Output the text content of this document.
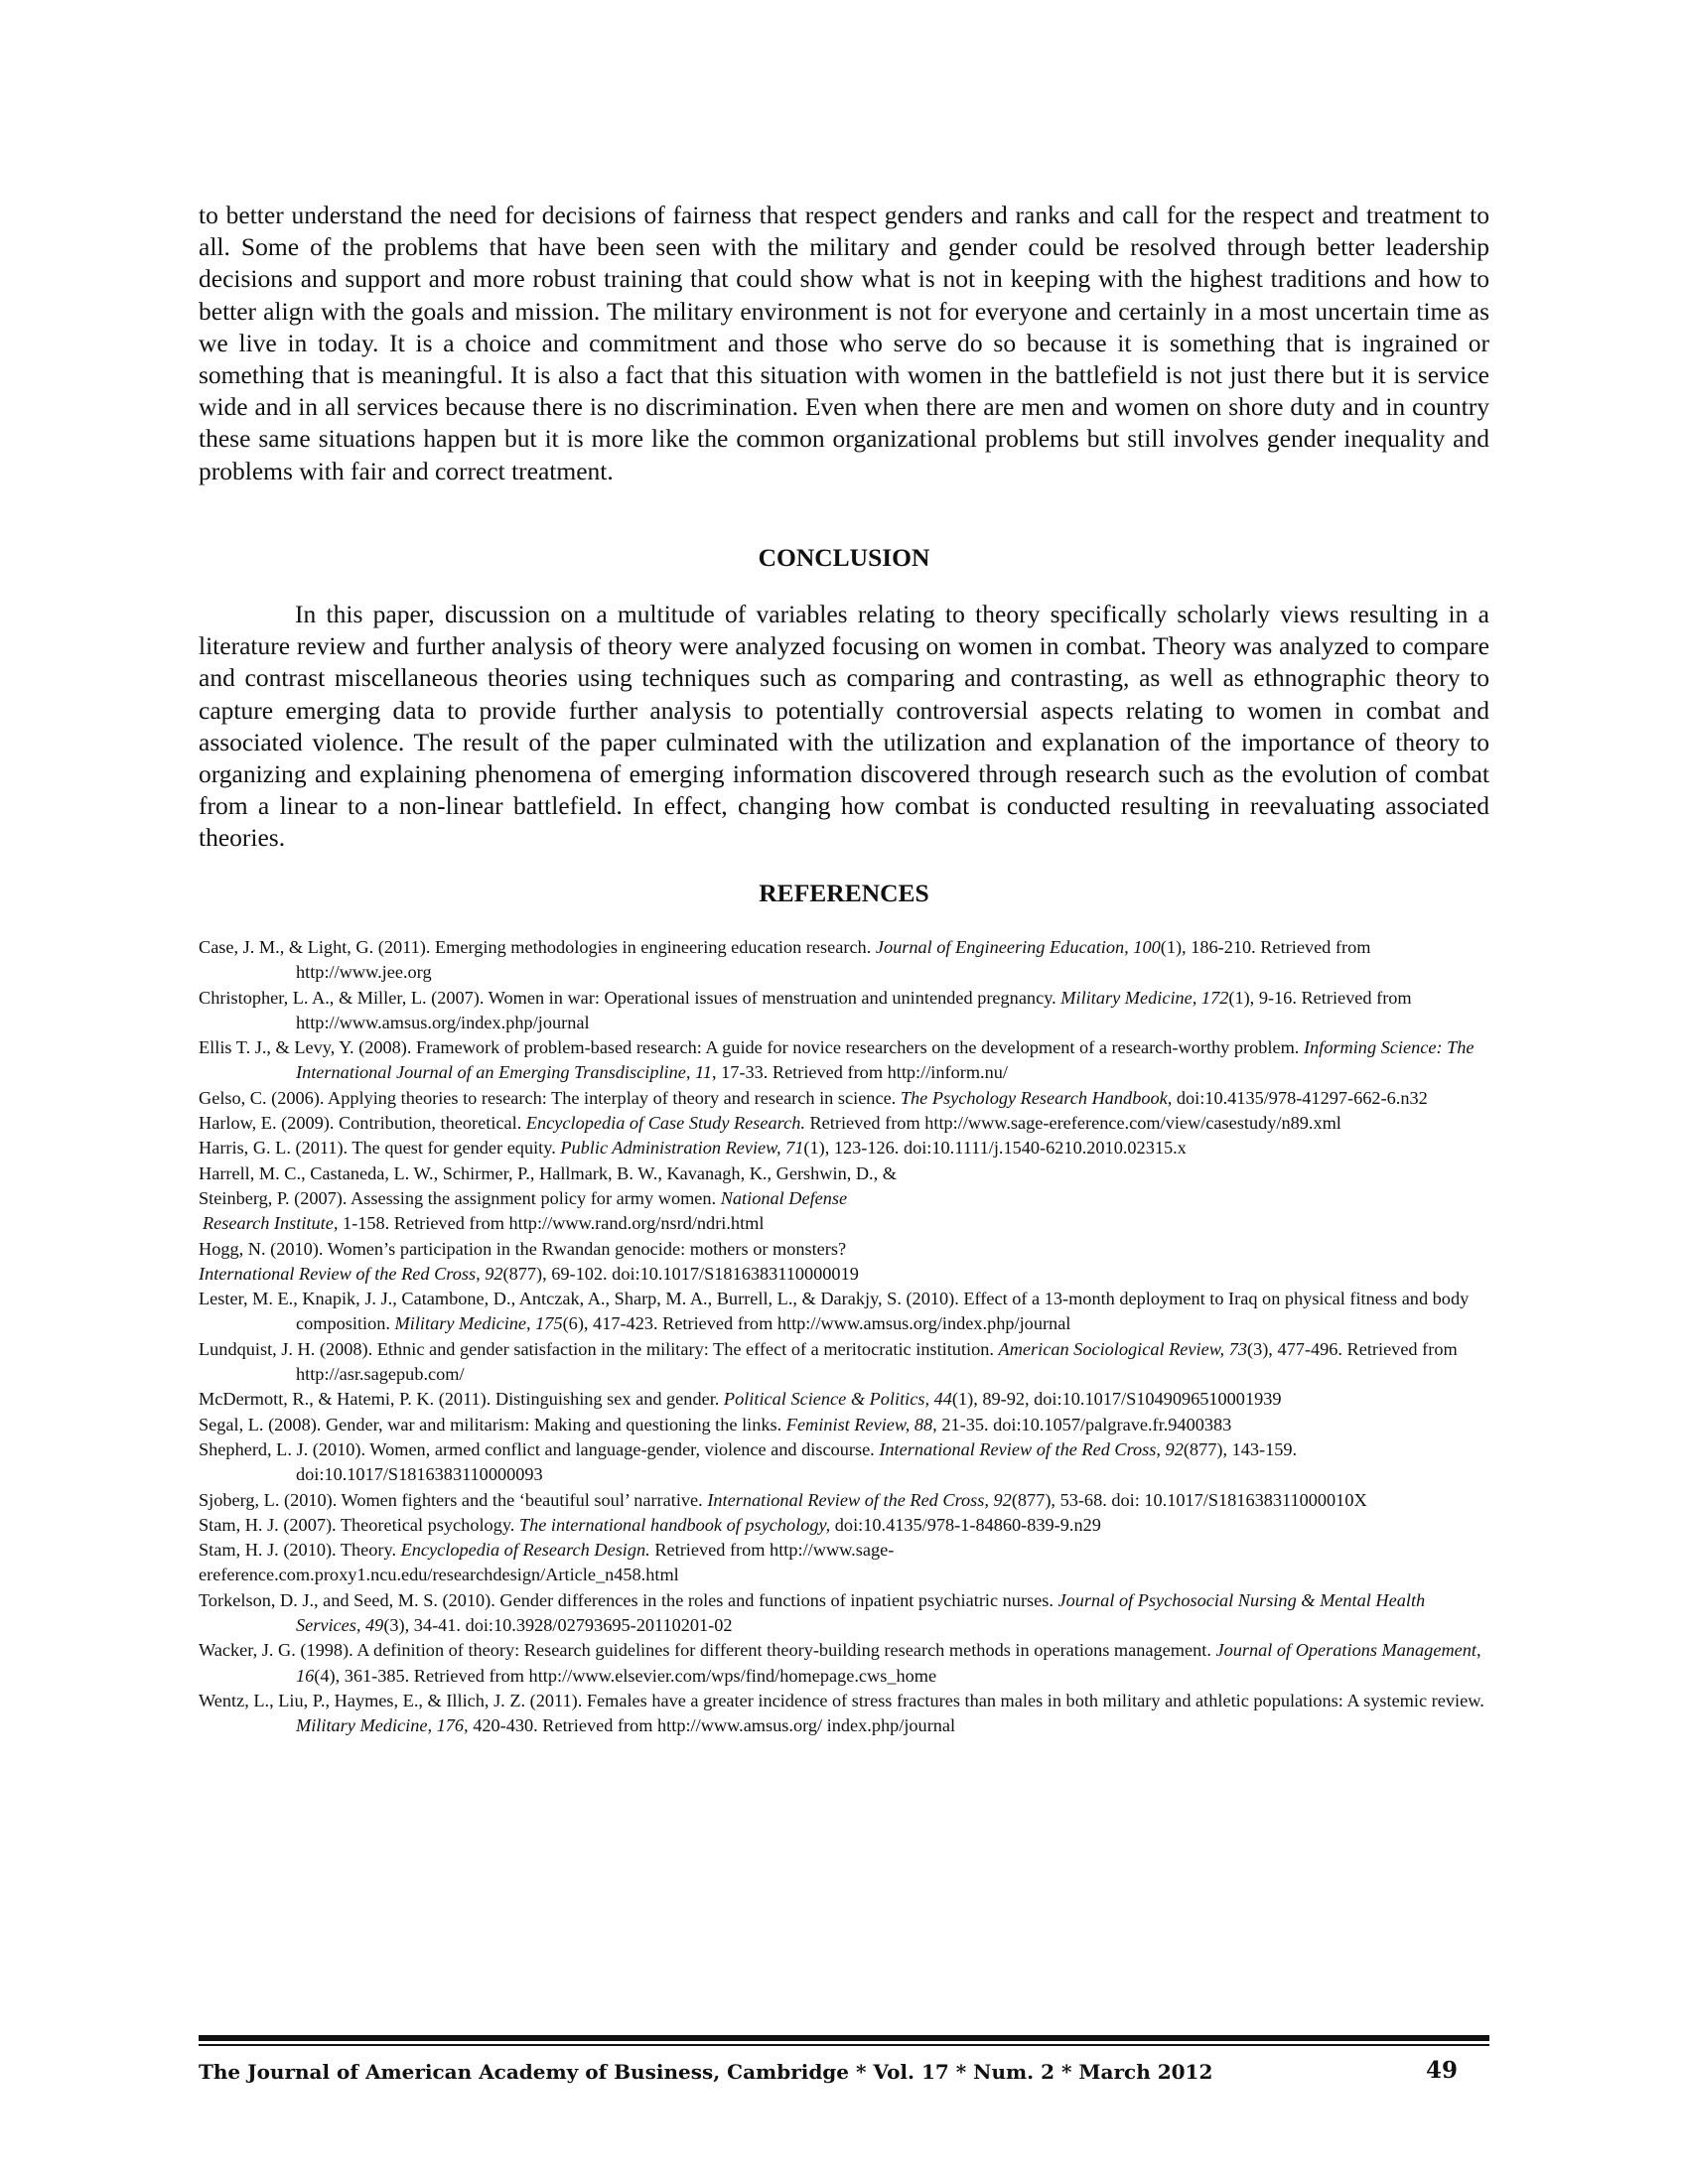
to better understand the need for decisions of fairness that respect genders and ranks and call for the respect and treatment to all. Some of the problems that have been seen with the military and gender could be resolved through better leadership decisions and support and more robust training that could show what is not in keeping with the highest traditions and how to better align with the goals and mission. The military environment is not for everyone and certainly in a most uncertain time as we live in today. It is a choice and commitment and those who serve do so because it is something that is ingrained or something that is meaningful. It is also a fact that this situation with women in the battlefield is not just there but it is service wide and in all services because there is no discrimination. Even when there are men and women on shore duty and in country these same situations happen but it is more like the common organizational problems but still involves gender inequality and problems with fair and correct treatment.

CONCLUSION

In this paper, discussion on a multitude of variables relating to theory specifically scholarly views resulting in a literature review and further analysis of theory were analyzed focusing on women in combat. Theory was analyzed to compare and contrast miscellaneous theories using techniques such as comparing and contrasting, as well as ethnographic theory to capture emerging data to provide further analysis to potentially controversial aspects relating to women in combat and associated violence. The result of the paper culminated with the utilization and explanation of the importance of theory to organizing and explaining phenomena of emerging information discovered through research such as the evolution of combat from a linear to a non-linear battlefield. In effect, changing how combat is conducted resulting in reevaluating associated theories.

REFERENCES
Case, J. M., & Light, G. (2011). Emerging methodologies in engineering education research. Journal of Engineering Education, 100(1), 186-210. Retrieved from http://www.jee.org
Christopher, L. A., & Miller, L. (2007). Women in war: Operational issues of menstruation and unintended pregnancy. Military Medicine, 172(1), 9-16. Retrieved from http://www.amsus.org/index.php/journal
Ellis T. J., & Levy, Y. (2008). Framework of problem-based research: A guide for novice researchers on the development of a research-worthy problem. Informing Science: The International Journal of an Emerging Transdiscipline, 11, 17-33. Retrieved from http://inform.nu/
Gelso, C. (2006). Applying theories to research: The interplay of theory and research in science. The Psychology Research Handbook, doi:10.4135/978-41297-662-6.n32
Harlow, E. (2009). Contribution, theoretical. Encyclopedia of Case Study Research. Retrieved from http://www.sage-ereference.com/view/casestudy/n89.xml
Harris, G. L. (2011). The quest for gender equity. Public Administration Review, 71(1), 123-126. doi:10.1111/j.1540-6210.2010.02315.x
Harrell, M. C., Castaneda, L. W., Schirmer, P., Hallmark, B. W., Kavanagh, K., Gershwin, D., &
Steinberg, P. (2007). Assessing the assignment policy for army women. National Defense
Research Institute, 1-158. Retrieved from http://www.rand.org/nsrd/ndri.html
Hogg, N. (2010). Women’s participation in the Rwandan genocide: mothers or monsters?
International Review of the Red Cross, 92(877), 69-102. doi:10.1017/S1816383110000019
Lester, M. E., Knapik, J. J., Catambone, D., Antczak, A., Sharp, M. A., Burrell, L., & Darakjy, S. (2010). Effect of a 13-month deployment to Iraq on physical fitness and body composition. Military Medicine, 175(6), 417-423. Retrieved from http://www.amsus.org/index.php/journal
Lundquist, J. H. (2008). Ethnic and gender satisfaction in the military: The effect of a meritocratic institution. American Sociological Review, 73(3), 477-496. Retrieved from http://asr.sagepub.com/
McDermott, R., & Hatemi, P. K. (2011). Distinguishing sex and gender. Political Science & Politics, 44(1), 89-92, doi:10.1017/S1049096510001939
Segal, L. (2008). Gender, war and militarism: Making and questioning the links. Feminist Review, 88, 21-35. doi:10.1057/palgrave.fr.9400383
Shepherd, L. J. (2010). Women, armed conflict and language-gender, violence and discourse. International Review of the Red Cross, 92(877), 143-159. doi:10.1017/S1816383110000093
Sjoberg, L. (2010). Women fighters and the ‘beautiful soul’ narrative. International Review of the Red Cross, 92(877), 53-68. doi: 10.1017/S181638311000010X
Stam, H. J. (2007). Theoretical psychology. The international handbook of psychology, doi:10.4135/978-1-84860-839-9.n29
Stam, H. J. (2010). Theory. Encyclopedia of Research Design. Retrieved from http://www.sage-
ereference.com.proxy1.ncu.edu/researchdesign/Article_n458.html
Torkelson, D. J., and Seed, M. S. (2010). Gender differences in the roles and functions of inpatient psychiatric nurses. Journal of Psychosocial Nursing & Mental Health Services, 49(3), 34-41. doi:10.3928/02793695-20110201-02
Wacker, J. G. (1998). A definition of theory: Research guidelines for different theory-building research methods in operations management. Journal of Operations Management, 16(4), 361-385. Retrieved from http://www.elsevier.com/wps/find/homepage.cws_home
Wentz, L., Liu, P., Haymes, E., & Illich, J. Z. (2011). Females have a greater incidence of stress fractures than males in both military and athletic populations: A systemic review. Military Medicine, 176, 420-430. Retrieved from http://www.amsus.org/ index.php/journal
The Journal of American Academy of Business, Cambridge * Vol. 17 * Num. 2 * March 2012	49
